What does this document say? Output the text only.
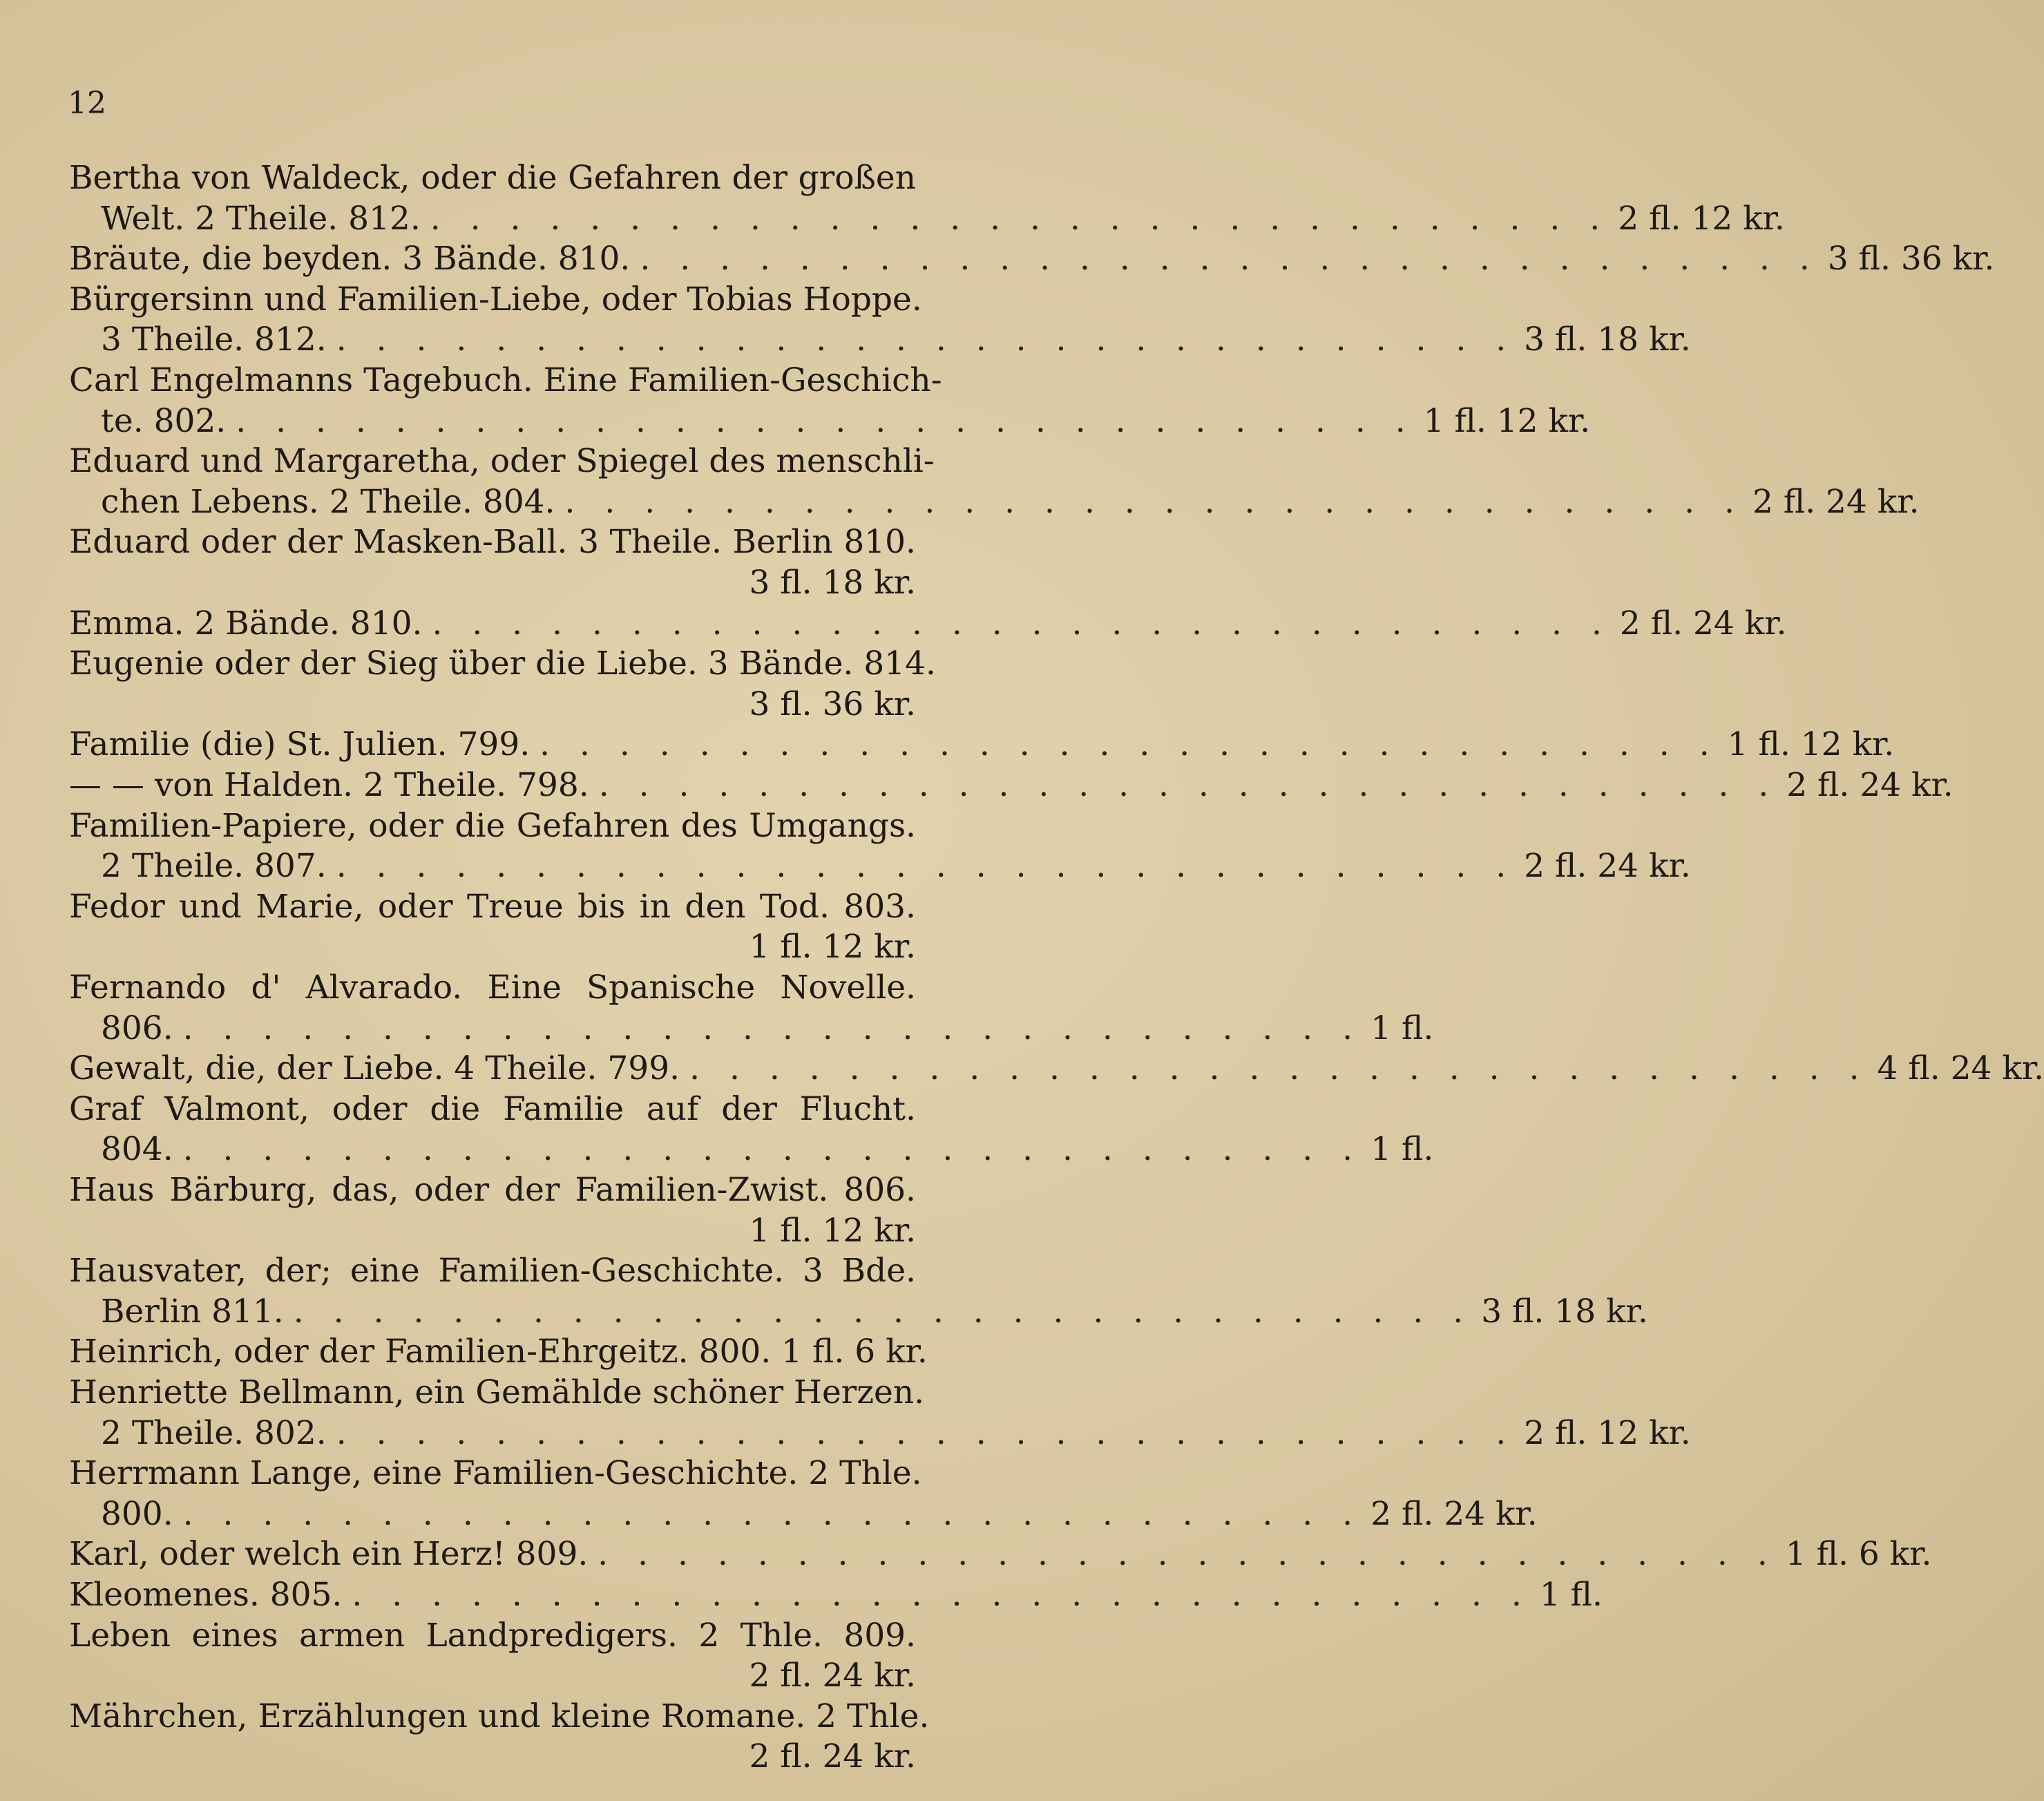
12
Bertha von Waldeck, oder die Gefahren der großen
Welt. 2 Theile. 812. . . . . . . . . . . . . . . . . . . . . . . . . . . . . . . 2 fl. 12 kr.
Bräute, die beyden. 3 Bände. 810. . . . . . . . . . . . . . . . . . . . . . . . . . . . . . . 3 fl. 36 kr.
Bürgersinn und Familien-Liebe, oder Tobias Hoppe.
3 Theile. 812. . . . . . . . . . . . . . . . . . . . . . . . . . . . . . . 3 fl. 18 kr.
Carl Engelmanns Tagebuch. Eine Familien-Geschich-
te. 802. . . . . . . . . . . . . . . . . . . . . . . . . . . . . . . 1 fl. 12 kr.
Eduard und Margaretha, oder Spiegel des menschli-
chen Lebens. 2 Theile. 804. . . . . . . . . . . . . . . . . . . . . . . . . . . . . . . 2 fl. 24 kr.
Eduard oder der Masken-Ball. 3 Theile. Berlin 810.
3 fl. 18 kr.
Emma. 2 Bände. 810. . . . . . . . . . . . . . . . . . . . . . . . . . . . . . . 2 fl. 24 kr.
Eugenie oder der Sieg über die Liebe. 3 Bände. 814.
3 fl. 36 kr.
Familie (die) St. Julien. 799. . . . . . . . . . . . . . . . . . . . . . . . . . . . . . . 1 fl. 12 kr.
— — von Halden. 2 Theile. 798. . . . . . . . . . . . . . . . . . . . . . . . . . . . . . . 2 fl. 24 kr.
Familien-Papiere, oder die Gefahren des Umgangs.
2 Theile. 807. . . . . . . . . . . . . . . . . . . . . . . . . . . . . . . 2 fl. 24 kr.
Fedor und Marie, oder Treue bis in den Tod. 803.
1 fl. 12 kr.
Fernando d' Alvarado. Eine Spanische Novelle.
806. . . . . . . . . . . . . . . . . . . . . . . . . . . . . . . 1 fl.
Gewalt, die, der Liebe. 4 Theile. 799. . . . . . . . . . . . . . . . . . . . . . . . . . . . . . . 4 fl. 24 kr.
Graf Valmont, oder die Familie auf der Flucht.
804. . . . . . . . . . . . . . . . . . . . . . . . . . . . . . . 1 fl.
Haus Bärburg, das, oder der Familien-Zwist. 806.
1 fl. 12 kr.
Hausvater, der; eine Familien-Geschichte. 3 Bde.
Berlin 811. . . . . . . . . . . . . . . . . . . . . . . . . . . . . . . 3 fl. 18 kr.
Heinrich, oder der Familien-Ehrgeitz. 800. 1 fl. 6 kr.
Henriette Bellmann, ein Gemählde schöner Herzen.
2 Theile. 802. . . . . . . . . . . . . . . . . . . . . . . . . . . . . . . 2 fl. 12 kr.
Herrmann Lange, eine Familien-Geschichte. 2 Thle.
800. . . . . . . . . . . . . . . . . . . . . . . . . . . . . . . 2 fl. 24 kr.
Karl, oder welch ein Herz! 809. . . . . . . . . . . . . . . . . . . . . . . . . . . . . . . 1 fl. 6 kr.
Kleomenes. 805. . . . . . . . . . . . . . . . . . . . . . . . . . . . . . . 1 fl.
Leben eines armen Landpredigers. 2 Thle. 809.
2 fl. 24 kr.
Mährchen, Erzählungen und kleine Romane. 2 Thle.
2 fl. 24 kr.
